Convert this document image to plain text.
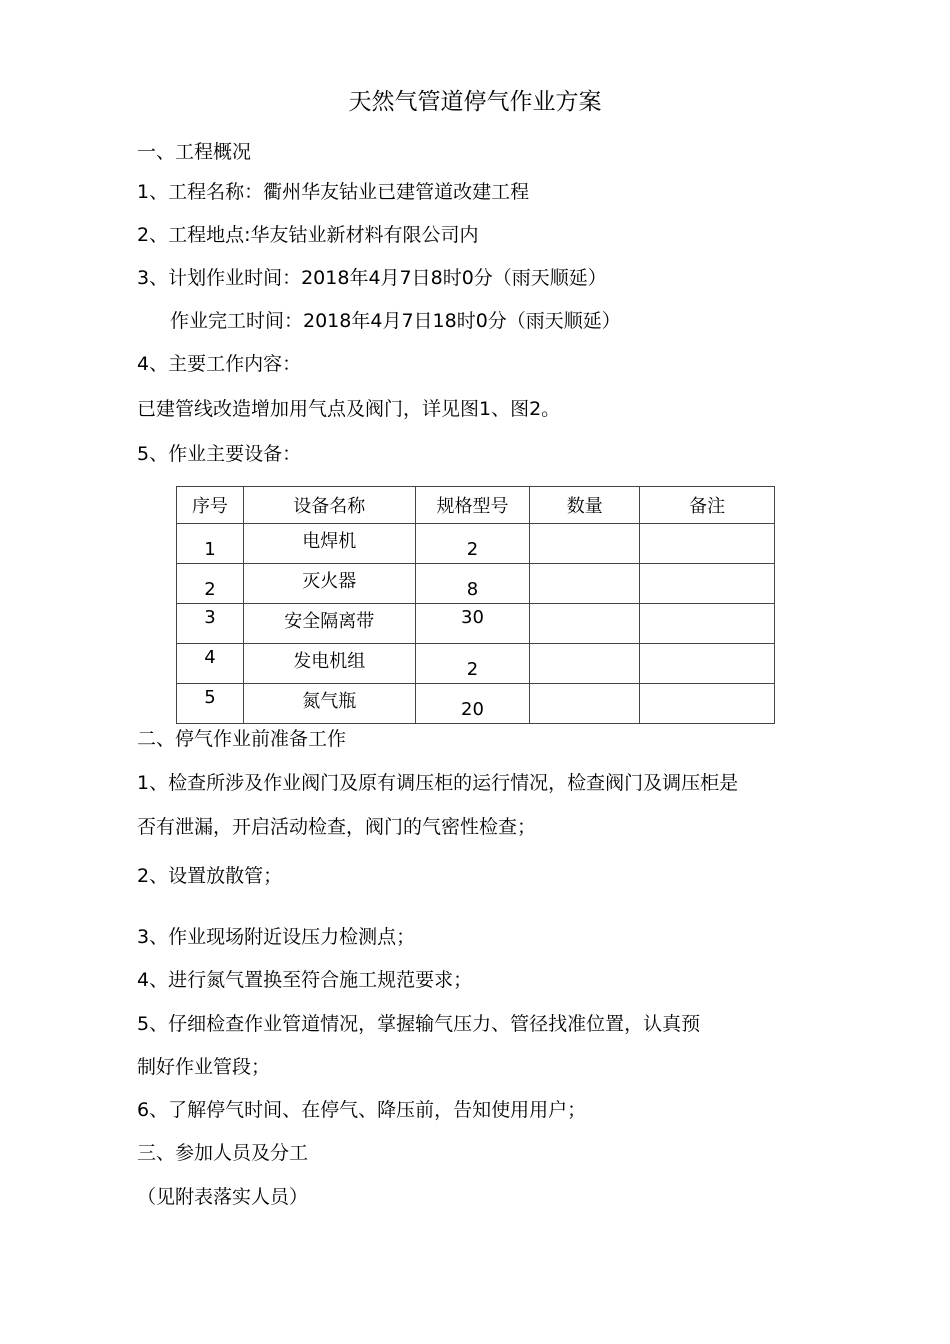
天然气管道停气作业方案
一、工程概况
1、工程名称：衢州华友钴业已建管道改建工程
2、工程地点:华友钴业新材料有限公司内
3、计划作业时间：2018年4月7日8时0分（雨天顺延）
作业完工时间：2018年4月7日18时0分（雨天顺延）
4、主要工作内容：
已建管线改造增加用气点及阀门，详见图1、图2。
5、作业主要设备：
序号	设备名称	规格型号	数量	备注
1	电焊机	2		
2	灭火器	8		
3	安全隔离带	30		
4	发电机组	2		
5	氮气瓶	20		
二、停气作业前准备工作
1、检查所涉及作业阀门及原有调压柜的运行情况，检查阀门及调压柜是
否有泄漏，开启活动检查，阀门的气密性检查；
2、设置放散管；
3、作业现场附近设压力检测点；
4、进行氮气置换至符合施工规范要求；
5、仔细检查作业管道情况，掌握输气压力、管径找准位置，认真预
制好作业管段；
6、了解停气时间、在停气、降压前，告知使用用户；
三、参加人员及分工
（见附表落实人员）
